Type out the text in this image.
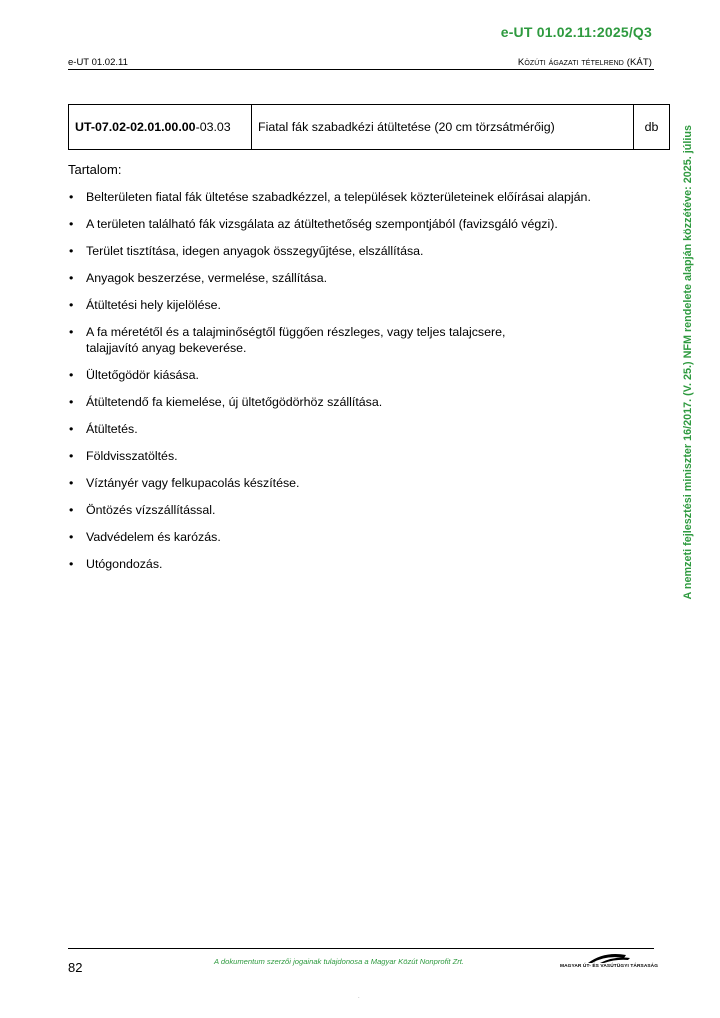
e-UT 01.02.11:2025/Q3
e-UT 01.02.11	Közúti ágazati tételrend (KÁT)
A nemzeti fejlesztési miniszter 16/2017. (V. 25.) NFM rendelete alapján közzétéve: 2025. július
UT-07.02-02.01.00.00-03.03	Fiatal fák szabadkézi átültetése (20 cm törzsátmérőig)	db
Tartalom:
• Belterületen fiatal fák ültetése szabadkézzel, a települések közterületeinek előírásai alapján.
• A területen található fák vizsgálata az átültethetőség szempontjából (favizsgáló végzi).
• Terület tisztítása, idegen anyagok összegyűjtése, elszállítása.
• Anyagok beszerzése, vermelése, szállítása.
• Átültetési hely kijelölése.
• A fa méretétől és a talajminőségtől függően részleges, vagy teljes talajcsere, talajjavító anyag bekeverése.
• Ültetőgödör kiásása.
• Átültetendő fa kiemelése, új ültetőgödörhöz szállítása.
• Átültetés.
• Földvisszatöltés.
• Víztányér vagy felkupacolás készítése.
• Öntözés vízszállítással.
• Vadvédelem és karózás.
• Utógondozás.
82	A dokumentum szerzői jogainak tulajdonosa a Magyar Közút Nonprofit Zrt.
MAGYAR ÚT- ÉS VASÚTÜGYI TÁRSASÁG
.
